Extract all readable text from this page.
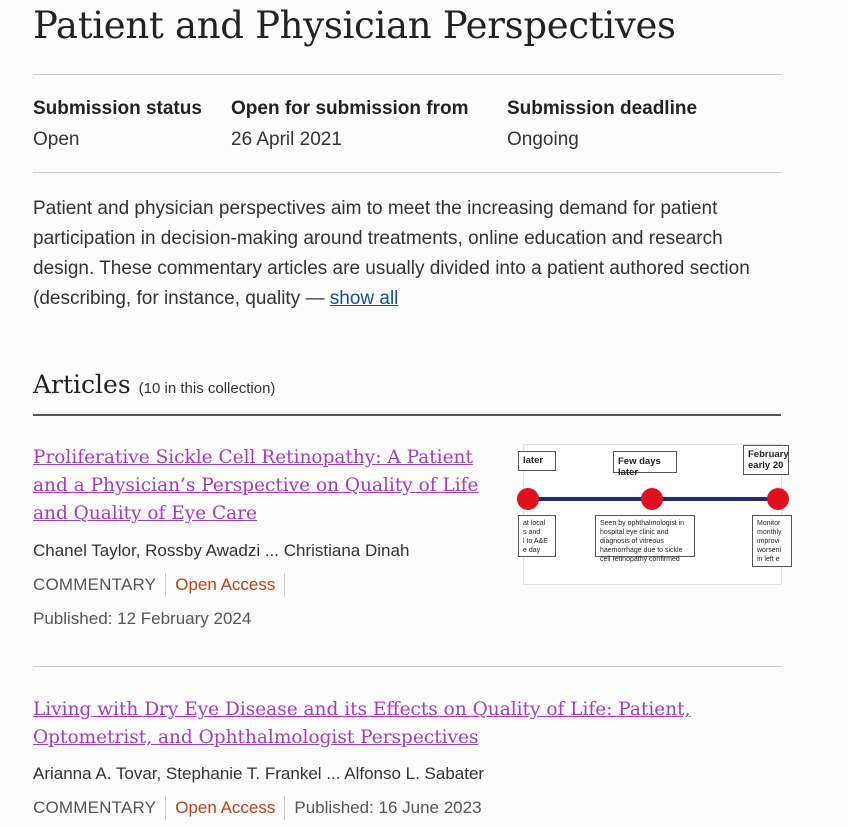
Patient and Physician Perspectives
Submission status
Open
Open for submission from
26 April 2021
Submission deadline
Ongoing

Patient and physician perspectives aim to meet the increasing demand for patient participation in decision-making around treatments, online education and research design. These commentary articles are usually divided into a patient authored section (describing, for instance, quality — show all

Articles (10 in this collection)
Proliferative Sickle Cell Retinopathy: A Patient and a Physician’s Perspective on Quality of Life and Quality of Eye Care
later	Few days later
February
early 20
at local
s and
l to A&E
e day
Seen by ophthalmologist in hospital eye clinic and diagnosis of vitreous haemorrhage due to sickle cell retinopathy confirmed
Monitor
monthly
improvi
worseni
in left e
Chanel Taylor, Rossby Awadzi ... Christiana Dinah
COMMENTARY	Open Access
Published: 12 February 2024
Living with Dry Eye Disease and its Effects on Quality of Life: Patient, Optometrist, and Ophthalmologist Perspectives
Arianna A. Tovar, Stephanie T. Frankel ... Alfonso L. Sabater
COMMENTARY	Open Access	Published: 16 June 2023
